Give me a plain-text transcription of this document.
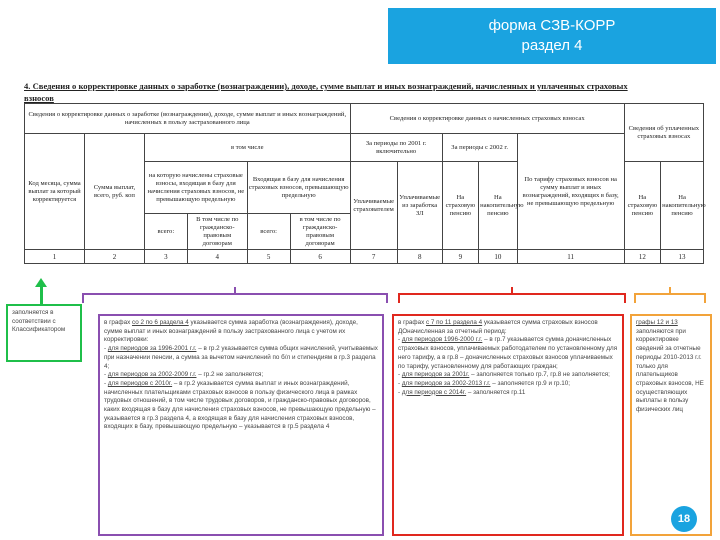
форма СЗВ-КОРР
раздел 4
4. Сведения о корректировке данных о заработке (вознаграждении), доходе, сумме выплат и иных вознаграждений, начисленных и уплаченных страховых
взносов
Сведения о корректировке данных о заработке (вознаграждении), доходе, сумме выплат и иных вознаграждений, начисленных в пользу застрахованного лица						Сведения о корректировке данных о начисленных страховых взносах					Сведения об уплаченных страховых взносах	
Код месяца, сумма выплат за который корректируется	Сумма выплат, всего, руб. коп	в том числе				За периоды по 2001 г. включительно		За периоды с 2002 г.		По тарифу страховых взносов на сумму выплат и иных вознаграждений, входящих в базу, не превышающую предельную		
		на которую начислены страховые взносы, входящая в базу для начисления страховых взносов, не превышающую предельную		Входящая в базу для начисления страховых взносов, превышающую предельную		Уплачиваемые страхователем	Уплачиваемые из заработка ЗЛ	На страховую пенсию	На накопительную пенсию		На страховую пенсию	На накопительную пенсию
		всего:	В том числе по гражданско-правовым договорам	всего:	в том числе по гражданско-правовым договорам							

1	2	3	4	5	6	7	8	9	10	11	12	13

заполняется в соответствии с Классификатором

в графах со 2 по 6 раздела 4 указывается сумма заработка (вознаграждения), доходе, сумме выплат и иных вознаграждений в пользу застрахованного лица с учетом их корректировки:

- для периодов за 1996-2001 г.г. – в гр.2 указывается сумма общих начислений, учитываемых при назначении пенсии, а сумма за вычетом начислений по б/л и стипендиям в гр.3 раздела 4;

- для периодов за 2002-2009 г.г. – гр.2 не заполняется;

- для периодов с 2010г. – в гр.2 указывается сумма выплат и иных вознаграждений, начисленных плательщиками страховых взносов в пользу физического лица в рамках трудовых отношений, в том числе трудовых договоров, и гражданско-правовых договоров, каких входящая в базу для начисления страховых взносов, не превышающую предельную – указывается в гр.3 раздела 4, а входящая в базу для начисления страховых взносов, входящих в базу, превышающую предельную – указывается в гр.5 раздела 4

в графах с 7 по 11 раздела 4 указывается сумма страховых взносов ДОначисленная за отчетный период:

- для периодов 1996-2000 г.г. – в гр.7 указывается сумма доначисленных страховых взносов, уплачиваемых работодателем по установленному для него тарифу, а в гр.8 – доначисленных страховых взносов уплачиваемых по тарифу, установленному для работающих граждан;

- для периодов за 2001г. – заполняется только гр.7, гр.8 не заполняется;

- для периодов за 2002-2013 г.г. – заполняется гр.9 и гр.10;

- для периодов с 2014г. – заполняется гр.11

графы 12 и 13 заполняются при корректировке сведений за отчетные периоды 2010-2013 г.г. только для плательщиков страховых взносов, НЕ осуществляющих выплаты в пользу физических лиц

18
